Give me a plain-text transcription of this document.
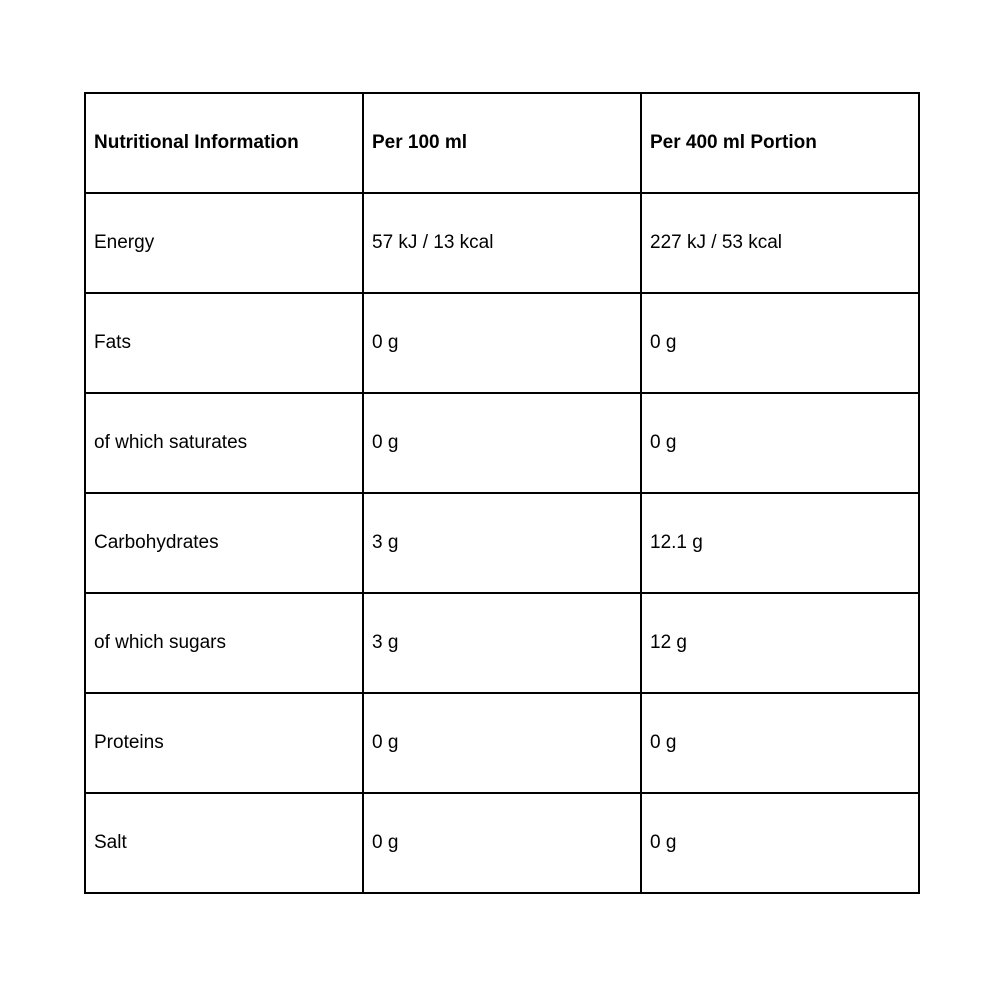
Nutritional Information	Per 100 ml	Per 400 ml Portion
Energy	57 kJ / 13 kcal	227 kJ / 53 kcal
Fats	0 g	0 g
of which saturates	0 g	0 g
Carbohydrates	3 g	12.1 g
of which sugars	3 g	12 g
Proteins	0 g	0 g
Salt	0 g	0 g
